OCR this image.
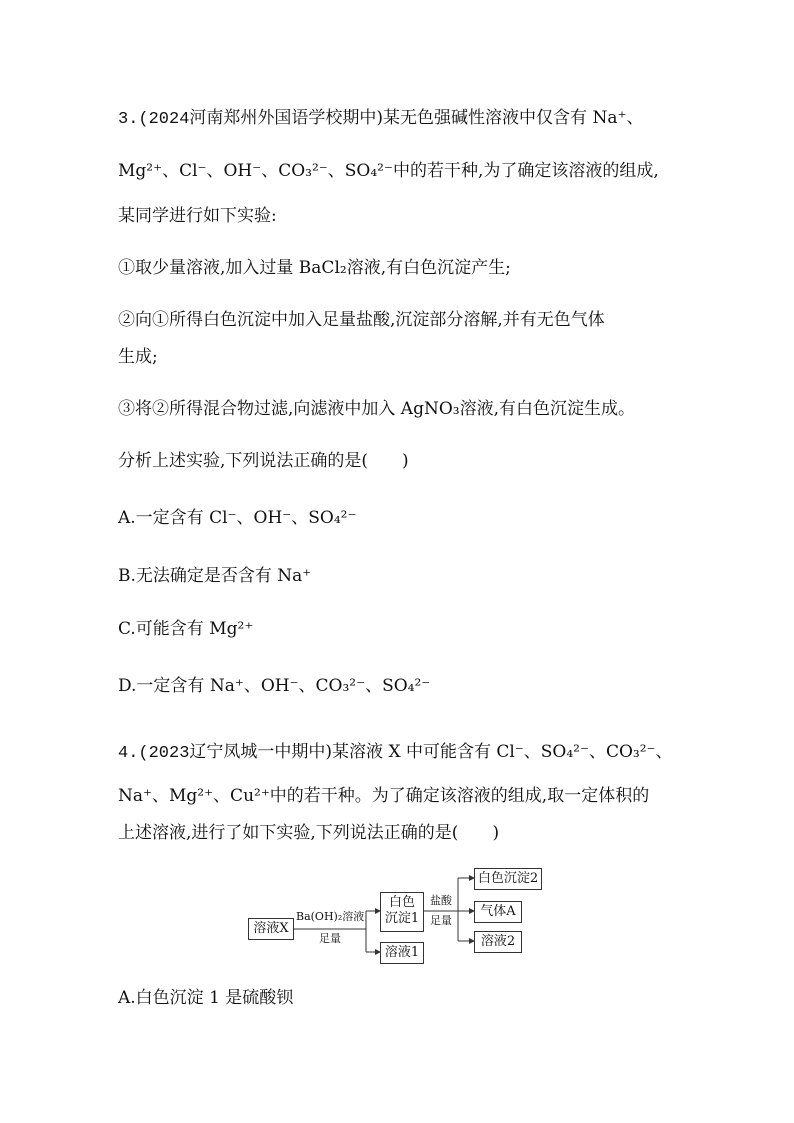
3.(2024河南郑州外国语学校期中)某无色强碱性溶液中仅含有 Na⁺、
Mg²⁺、Cl⁻、OH⁻、CO₃²⁻、SO₄²⁻中的若干种,为了确定该溶液的组成,
某同学进行如下实验:
①取少量溶液,加入过量 BaCl₂溶液,有白色沉淀产生;
②向①所得白色沉淀中加入足量盐酸,沉淀部分溶解,并有无色气体
生成;
③将②所得混合物过滤,向滤液中加入 AgNO₃溶液,有白色沉淀生成。
分析上述实验,下列说法正确的是(　　)
A.一定含有 Cl⁻、OH⁻、SO₄²⁻
B.无法确定是否含有 Na⁺
C.可能含有 Mg²⁺
D.一定含有 Na⁺、OH⁻、CO₃²⁻、SO₄²⁻
4.(2023辽宁凤城一中期中)某溶液 X 中可能含有 Cl⁻、SO₄²⁻、CO₃²⁻、
Na⁺、Mg²⁺、Cu²⁺中的若干种。为了确定该溶液的组成,取一定体积的
上述溶液,进行了如下实验,下列说法正确的是(　　)
溶液X
Ba(OH)₂溶液
足量
白色
沉淀1
溶液1
盐酸
足量
白色沉淀2
气体A
溶液2
A.白色沉淀 1 是硫酸钡
